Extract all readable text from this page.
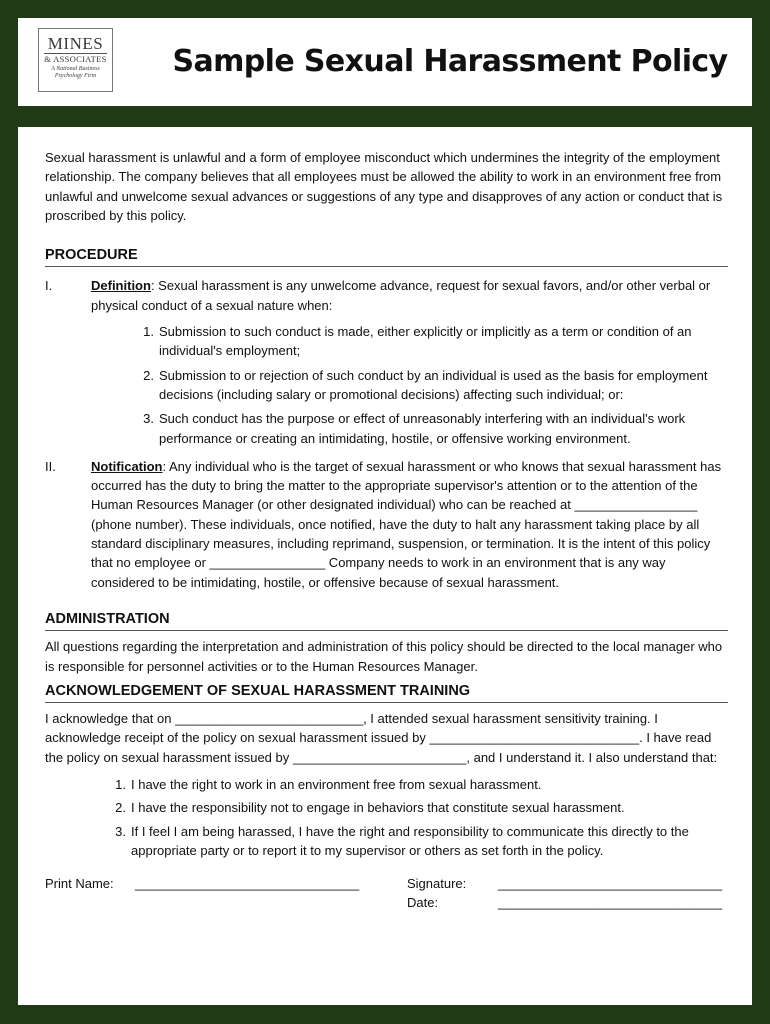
MINES
& ASSOCIATES
A National Business Psychology Firm	Sample Sexual Harassment Policy

Sexual harassment is unlawful and a form of employee misconduct which undermines the integrity of the employment relationship. The company believes that all employees must be allowed the ability to work in an environment free from unlawful and unwelcome sexual advances or suggestions of any type and disapproves of any action or conduct that is proscribed by this policy.

PROCEDURE
I.	Definition: Sexual harassment is any unwelcome advance, request for sexual favors, and/or other verbal or physical conduct of a sexual nature when:
1. Submission to such conduct is made, either explicitly or implicitly as a term or condition of an individual's employment;
2. Submission to or rejection of such conduct by an individual is used as the basis for employment decisions (including salary or promotional decisions) affecting such individual; or:
3. Such conduct has the purpose or effect of unreasonably interfering with an individual's work performance or creating an intimidating, hostile, or offensive working environment.
II.	Notification: Any individual who is the target of sexual harassment or who knows that sexual harassment has occurred has the duty to bring the matter to the appropriate supervisor's attention or to the attention of the Human Resources Manager (or other designated individual) who can be reached at _________________ (phone number). These individuals, once notified, have the duty to halt any harassment taking place by all standard disciplinary measures, including reprimand, suspension, or termination. It is the intent of this policy that no employee or ________________ Company needs to work in an environment that is any way considered to be intimidating, hostile, or offensive because of sexual harassment.
ADMINISTRATION

All questions regarding the interpretation and administration of this policy should be directed to the local manager who is responsible for personnel activities or to the Human Resources Manager.

ACKNOWLEDGEMENT OF SEXUAL HARASSMENT TRAINING

I acknowledge that on __________________________, I attended sexual harassment sensitivity training. I acknowledge receipt of the policy on sexual harassment issued by _____________________________. I have read the policy on sexual harassment issued by ________________________, and I understand it. I also understand that:

1. I have the right to work in an environment free from sexual harassment.
2. I have the responsibility not to engage in behaviors that constitute sexual harassment.
3. If I feel I am being harassed, I have the right and responsibility to communicate this directly to the appropriate party or to report it to my supervisor or others as set forth in the policy.
Print Name: _______________________________	Signature: _______________________________
Date:	_______________________________
